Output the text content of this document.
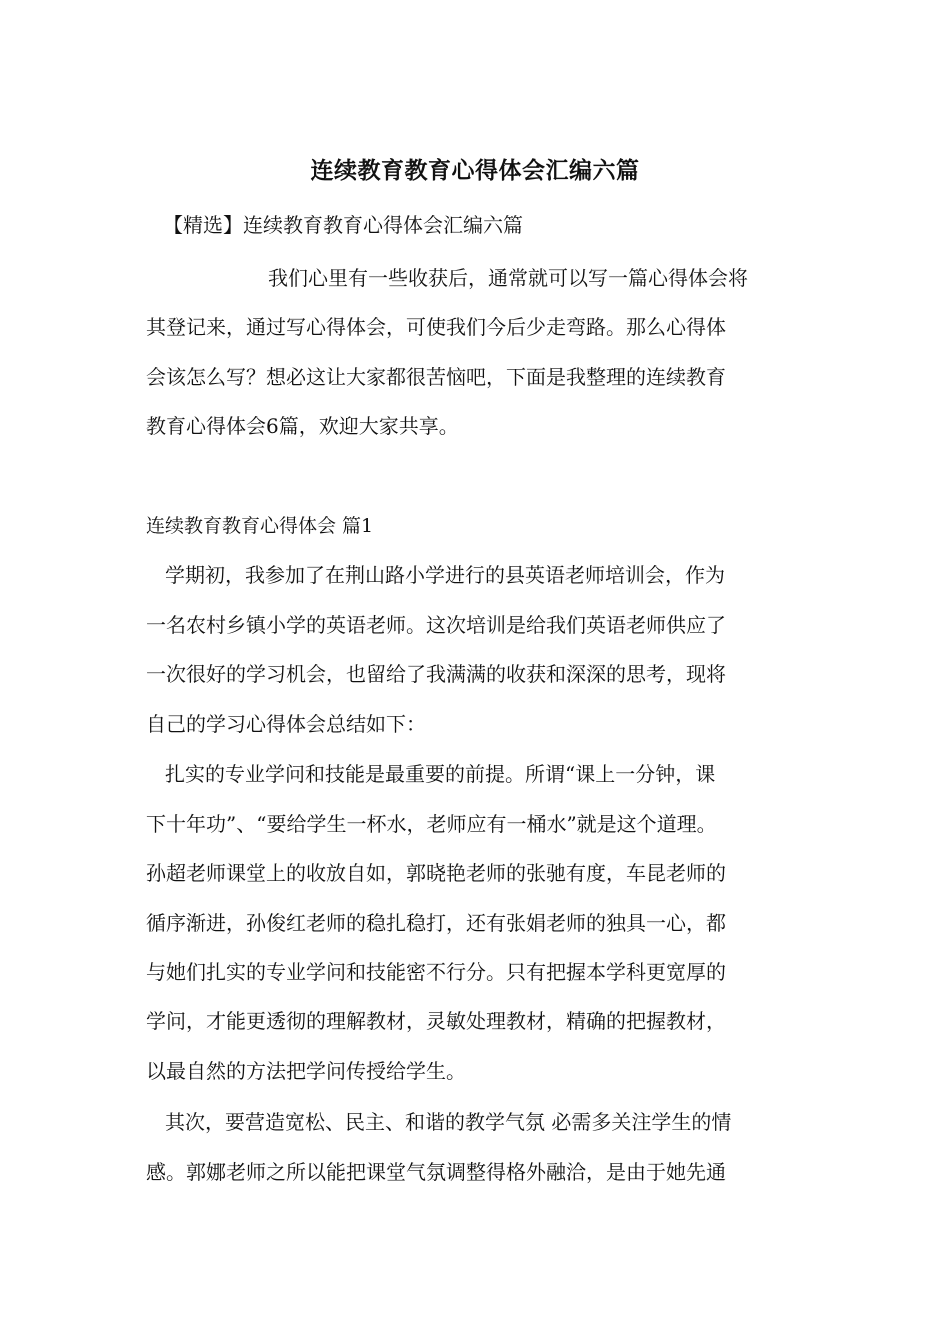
连续教育教育心得体会汇编六篇

【精选】连续教育教育心得体会汇编六篇

我们心里有一些收获后，通常就可以写一篇心得体会将

其登记来，通过写心得体会，可使我们今后少走弯路。那么心得体

会该怎么写？想必这让大家都很苦恼吧，下面是我整理的连续教育

教育心得体会6篇，欢迎大家共享。

连续教育教育心得体会 篇1

学期初，我参加了在荆山路小学进行的县英语老师培训会，作为

一名农村乡镇小学的英语老师。这次培训是给我们英语老师供应了

一次很好的学习机会，也留给了我满满的收获和深深的思考，现将

自己的学习心得体会总结如下：

扎实的专业学问和技能是最重要的前提。所谓“课上一分钟，课

下十年功”、“要给学生一杯水，老师应有一桶水”就是这个道理。

孙超老师课堂上的收放自如，郭晓艳老师的张驰有度，车昆老师的

循序渐进，孙俊红老师的稳扎稳打，还有张娟老师的独具一心，都

与她们扎实的专业学问和技能密不行分。只有把握本学科更宽厚的

学问，才能更透彻的理解教材，灵敏处理教材，精确的把握教材，

以最自然的方法把学问传授给学生。

其次，要营造宽松、民主、和谐的教学气氛 必需多关注学生的情

感。郭娜老师之所以能把课堂气氛调整得格外融洽，是由于她先通
